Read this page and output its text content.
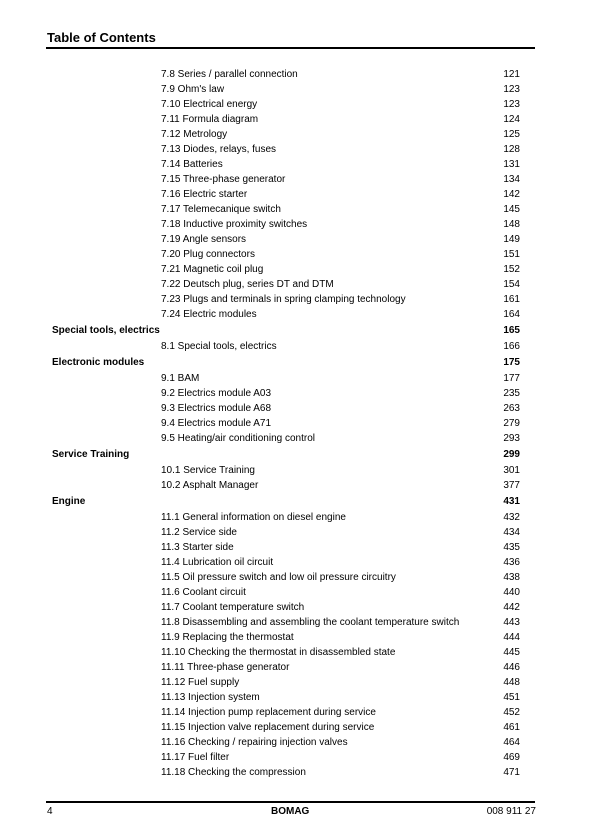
Table of Contents
7.8 Series / parallel connection	121
7.9 Ohm's law	123
7.10 Electrical energy	123
7.11 Formula diagram	124
7.12 Metrology	125
7.13 Diodes, relays, fuses	128
7.14 Batteries	131
7.15 Three-phase generator	134
7.16 Electric starter	142
7.17 Telemecanique switch	145
7.18 Inductive proximity switches	148
7.19 Angle sensors	149
7.20 Plug connectors	151
7.21 Magnetic coil plug	152
7.22 Deutsch plug, series DT and DTM	154
7.23 Plugs and terminals in spring clamping technology	161
7.24 Electric modules	164
Special tools, electrics	165
8.1 Special tools, electrics	166
Electronic modules	175
9.1 BAM	177
9.2 Electrics module A03	235
9.3 Electrics module A68	263
9.4 Electrics module A71	279
9.5 Heating/air conditioning control	293
Service Training	299
10.1 Service Training	301
10.2 Asphalt Manager	377
Engine	431
11.1 General information on diesel engine	432
11.2 Service side	434
11.3 Starter side	435
11.4 Lubrication oil circuit	436
11.5 Oil pressure switch and low oil pressure circuitry	438
11.6 Coolant circuit	440
11.7 Coolant temperature switch	442
11.8 Disassembling and assembling the coolant temperature switch	443
11.9 Replacing the thermostat	444
11.10 Checking the thermostat in disassembled state	445
11.11 Three-phase generator	446
11.12 Fuel supply	448
11.13 Injection system	451
11.14 Injection pump replacement during service	452
11.15 Injection valve replacement during service	461
11.16 Checking / repairing injection valves	464
11.17 Fuel filter	469
11.18 Checking the compression	471
4	BOMAG	008 911 27
